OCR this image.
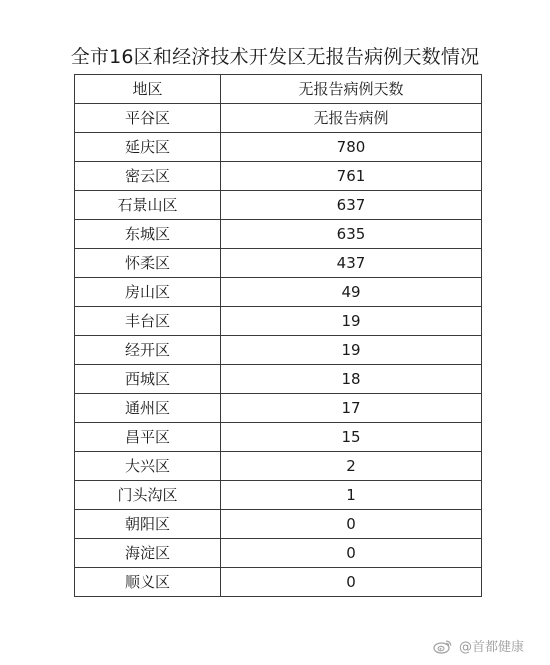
全市16区和经济技术开发区无报告病例天数情况
地区	无报告病例天数
平谷区	无报告病例
延庆区	780
密云区	761
石景山区	637
东城区	635
怀柔区	437
房山区	49
丰台区	19
经开区	19
西城区	18
通州区	17
昌平区	15
大兴区	2
门头沟区	1
朝阳区	0
海淀区	0
顺义区	0
@首都健康
